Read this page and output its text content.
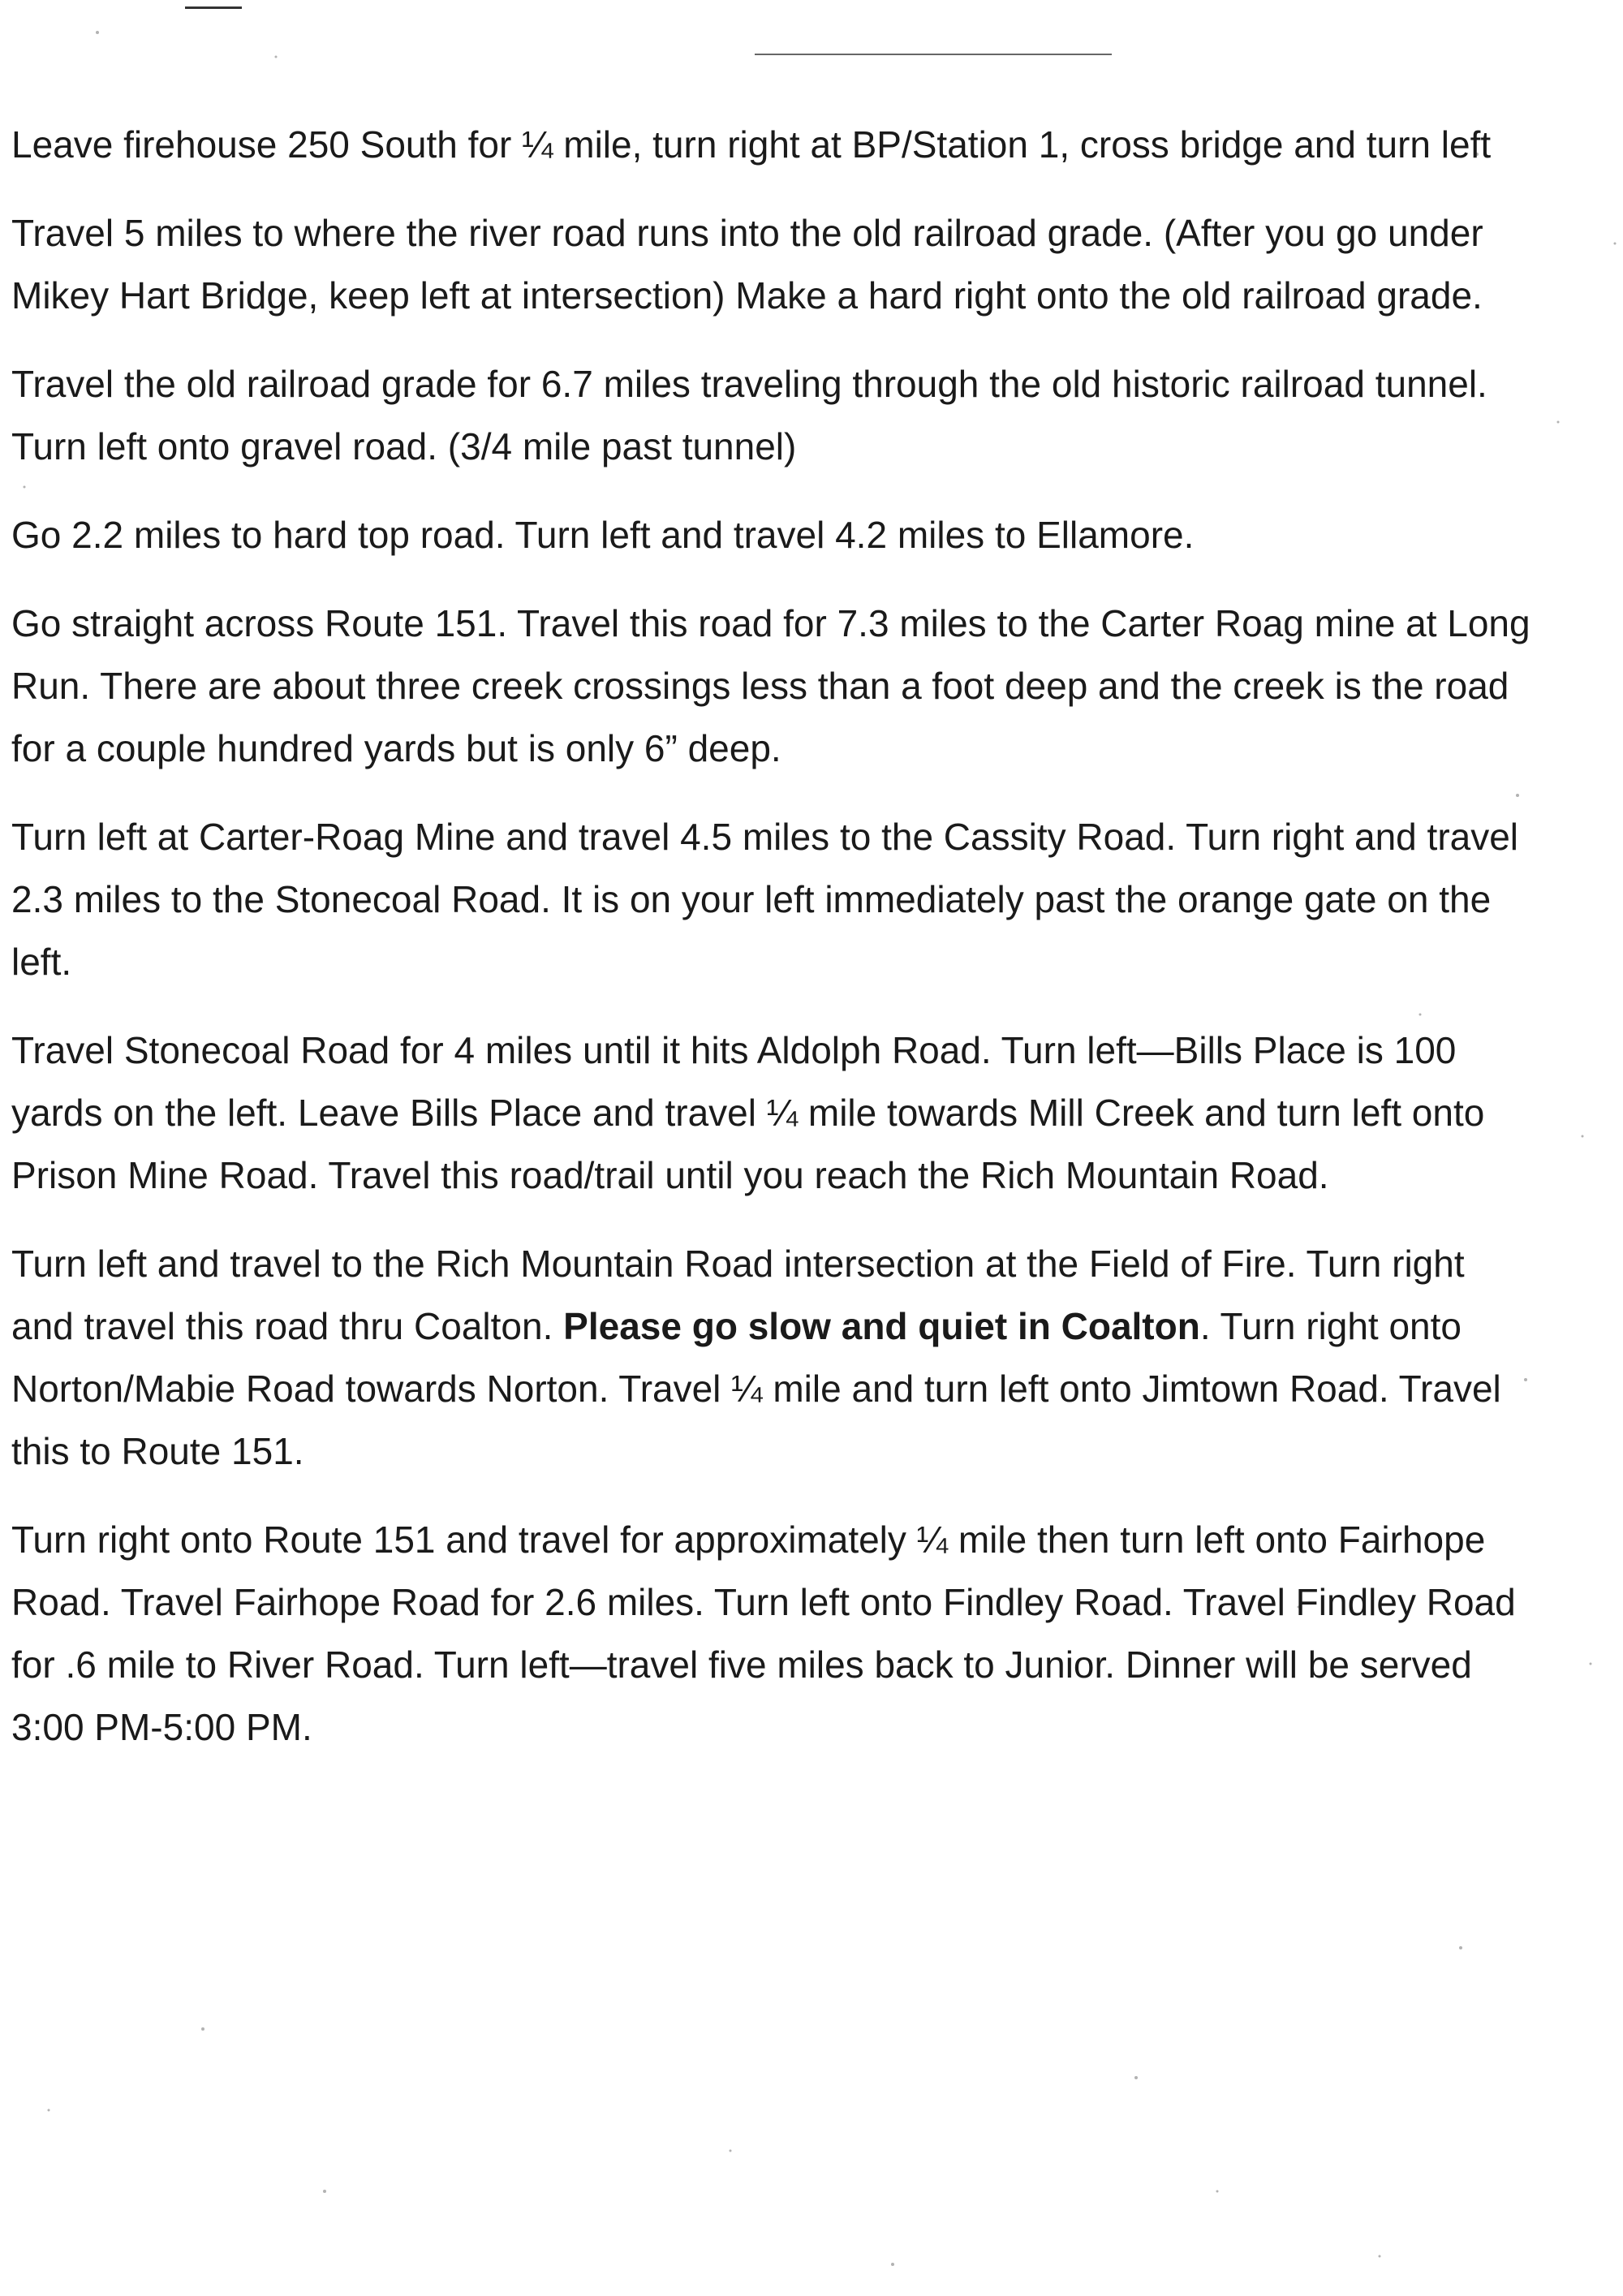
Leave firehouse 250 South for ¼ mile, turn right at BP/Station 1, cross bridge and turn left

Travel 5 miles to where the river road runs into the old railroad grade. (After you go under Mikey Hart Bridge, keep left at intersection) Make a hard right onto the old railroad grade.

Travel the old railroad grade for 6.7 miles traveling through the old historic railroad tunnel. Turn left onto gravel road. (3/4 mile past tunnel)

Go 2.2 miles to hard top road. Turn left and travel 4.2 miles to Ellamore.

Go straight across Route 151. Travel this road for 7.3 miles to the Carter Roag mine at Long Run. There are about three creek crossings less than a foot deep and the creek is the road for a couple hundred yards but is only 6” deep.

Turn left at Carter-Roag Mine and travel 4.5 miles to the Cassity Road. Turn right and travel 2.3 miles to the Stonecoal Road. It is on your left immediately past the orange gate on the left.

Travel Stonecoal Road for 4 miles until it hits Aldolph Road. Turn left—Bills Place is 100 yards on the left. Leave Bills Place and travel ¼ mile towards Mill Creek and turn left onto Prison Mine Road. Travel this road/trail until you reach the Rich Mountain Road.

Turn left and travel to the Rich Mountain Road intersection at the Field of Fire. Turn right and travel this road thru Coalton. Please go slow and quiet in Coalton. Turn right onto Norton/Mabie Road towards Norton. Travel ¼ mile and turn left onto Jimtown Road. Travel this to Route 151.

Turn right onto Route 151 and travel for approximately ¼ mile then turn left onto Fairhope Road. Travel Fairhope Road for 2.6 miles. Turn left onto Findley Road. Travel Findley Road for .6 mile to River Road. Turn left—travel five miles back to Junior. Dinner will be served 3:00 PM-5:00 PM.
